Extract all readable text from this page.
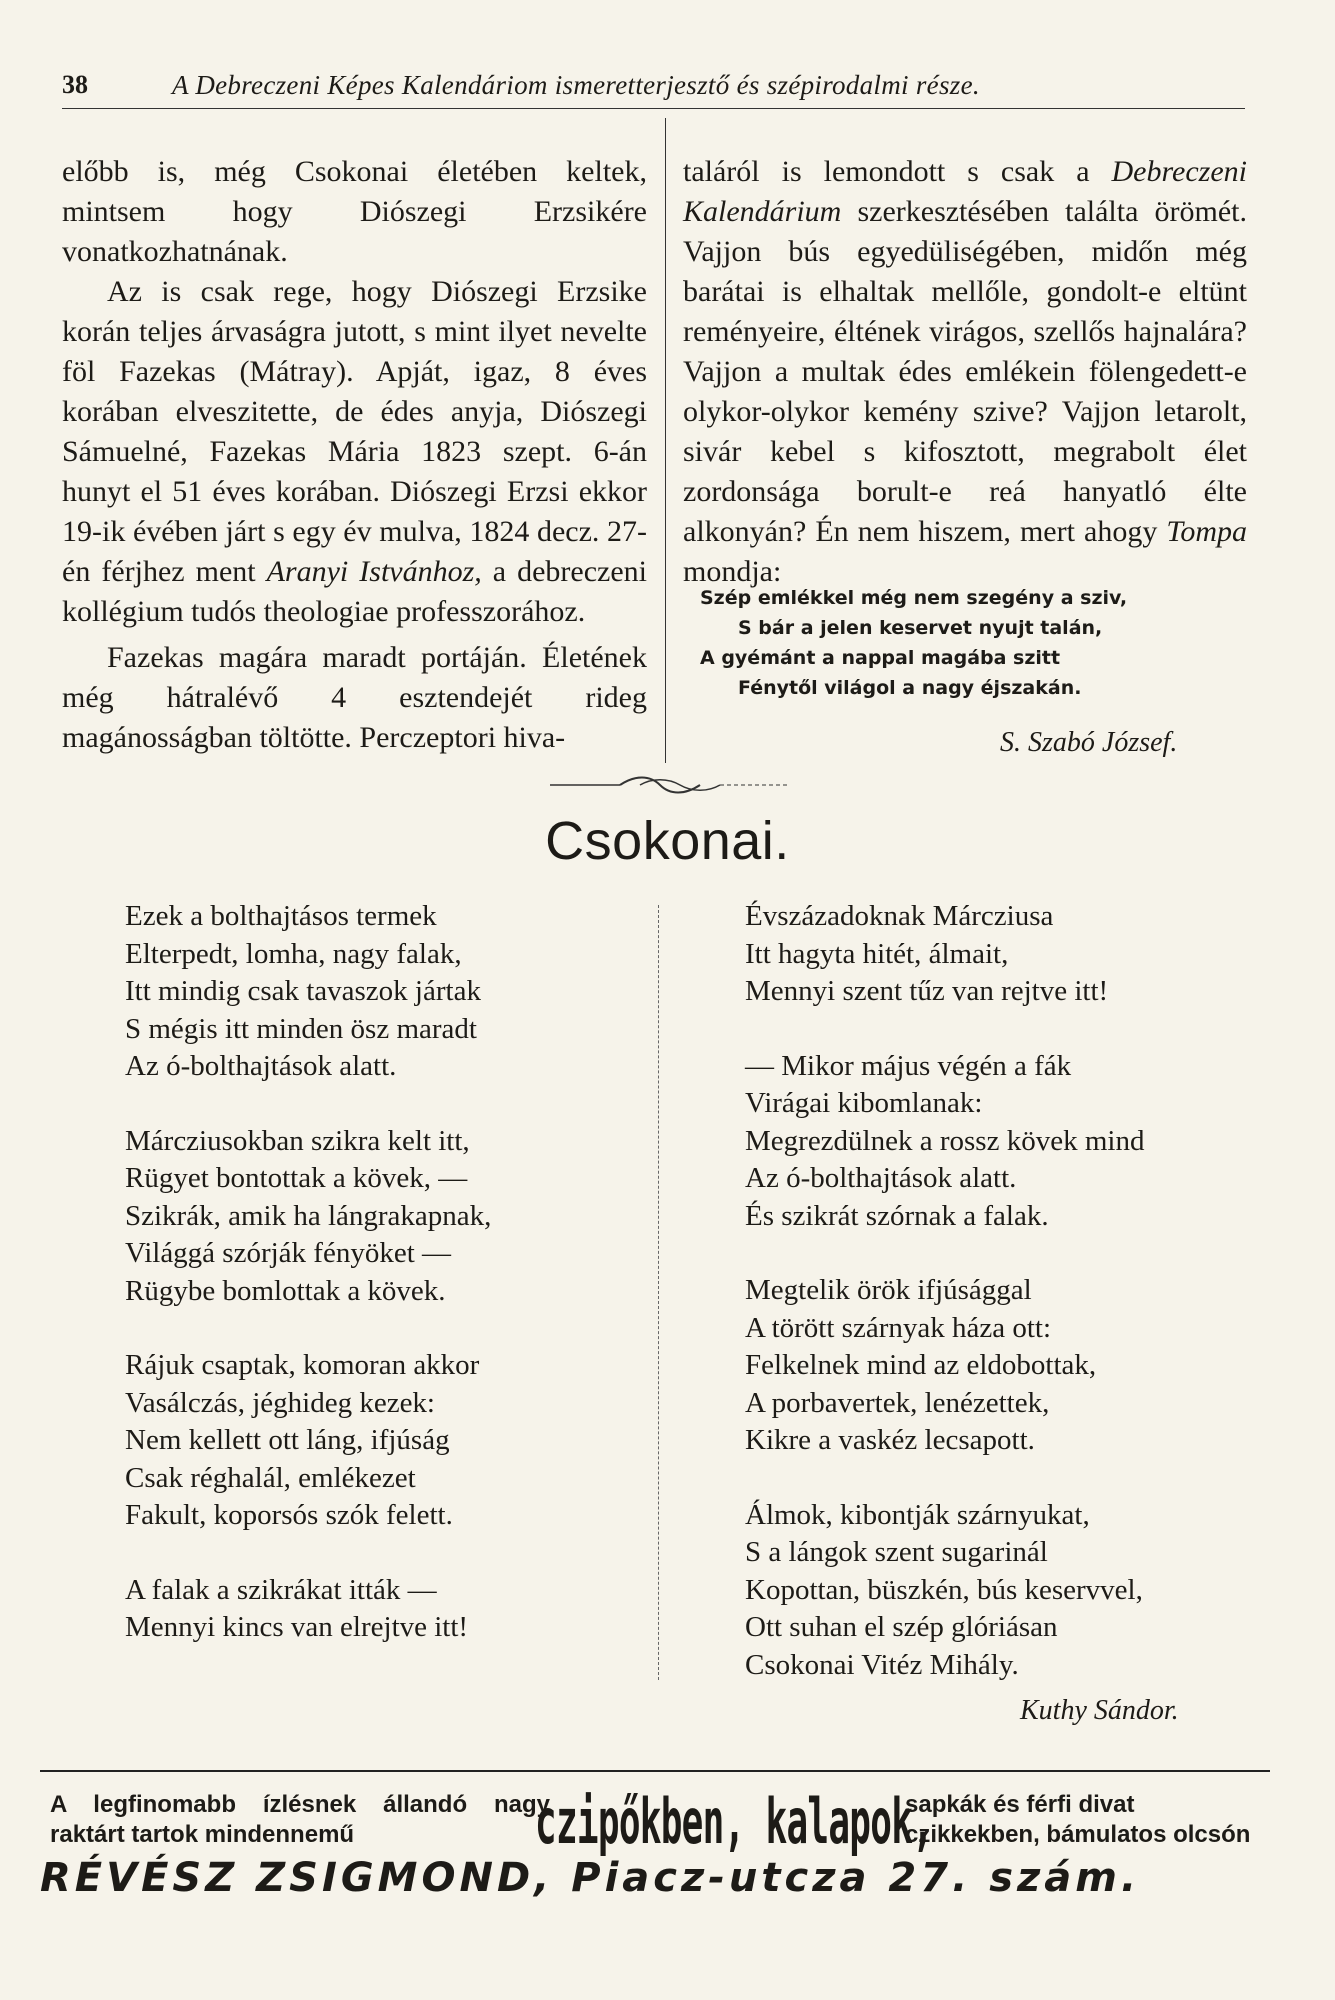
38	A Debreczeni Képes Kalendáriom ismeretterjesztő és szépirodalmi része.

előbb is, még Csokonai életében keltek, mintsem hogy Diószegi Erzsikére vonatkozhatnának.

Az is csak rege, hogy Diószegi Erzsike korán teljes árvaságra jutott, s mint ilyet nevelte föl Fazekas (Mátray). Apját, igaz, 8 éves korában elveszitette, de édes anyja, Diószegi Sámuelné, Fazekas Mária 1823 szept. 6-án hunyt el 51 éves korában. Diószegi Erzsi ekkor 19-ik évében járt s egy év mulva, 1824 decz. 27-én férjhez ment Aranyi Istvánhoz, a debreczeni kollégium tudós theologiae professzorához.

Fazekas magára maradt portáján. Életének még hátralévő 4 esztendejét rideg magánosságban töltötte. Perczeptori hiva-

taláról is lemondott s csak a Debreczeni Kalendárium szerkesztésében találta örömét. Vajjon bús egyedüliségében, midőn még barátai is elhaltak mellőle, gondolt-e eltünt reményeire, éltének virágos, szellős hajnalára? Vajjon a multak édes emlékein fölengedett-e olykor-olykor kemény szive? Vajjon letarolt, sivár kebel s kifosztott, megrabolt élet zordonsága borult-e reá hanyatló élte alkonyán? Én nem hiszem, mert ahogy Tompa mondja:

Szép emlékkel még nem szegény a sziv,
S bár a jelen keservet nyujt talán,
A gyémánt a nappal magába szitt
Fénytől világol a nagy éjszakán.
S. Szabó József.
Csokonai.
Ezek a bolthajtásos termek
Elterpedt, lomha, nagy falak,
Itt mindig csak tavaszok jártak
S mégis itt minden ösz maradt
Az ó-bolthajtások alatt.
Márcziusokban szikra kelt itt,
Rügyet bontottak a kövek, —
Szikrák, amik ha lángrakapnak,
Világgá szórják fényöket —
Rügybe bomlottak a kövek.
Rájuk csaptak, komoran akkor
Vasálczás, jéghideg kezek:
Nem kellett ott láng, ifjúság
Csak réghalál, emlékezet
Fakult, koporsós szók felett.
A falak a szikrákat itták —
Mennyi kincs van elrejtve itt!
Évszázadoknak Márcziusa
Itt hagyta hitét, álmait,
Mennyi szent tűz van rejtve itt!
— Mikor május végén a fák
Virágai kibomlanak:
Megrezdülnek a rossz kövek mind
Az ó-bolthajtások alatt.
És szikrát szórnak a falak.
Megtelik örök ifjúsággal
A törött szárnyak háza ott:
Felkelnek mind az eldobottak,
A porbavertek, lenézettek,
Kikre a vaskéz lecsapott.
Álmok, kibontják szárnyukat,
S a lángok szent sugarinál
Kopottan, büszkén, bús keservvel,
Ott suhan el szép glóriásan
Csokonai Vitéz Mihály.
Kuthy Sándor.
A legfinomabb ízlésnek állandó nagy raktárt tartok mindennemű	czipőkben, kalapok,
sapkák és férfi divat czikkekben, bámulatos olcsón
RÉVÉSZ ZSIGMOND, Piacz-utcza 27. szám.
